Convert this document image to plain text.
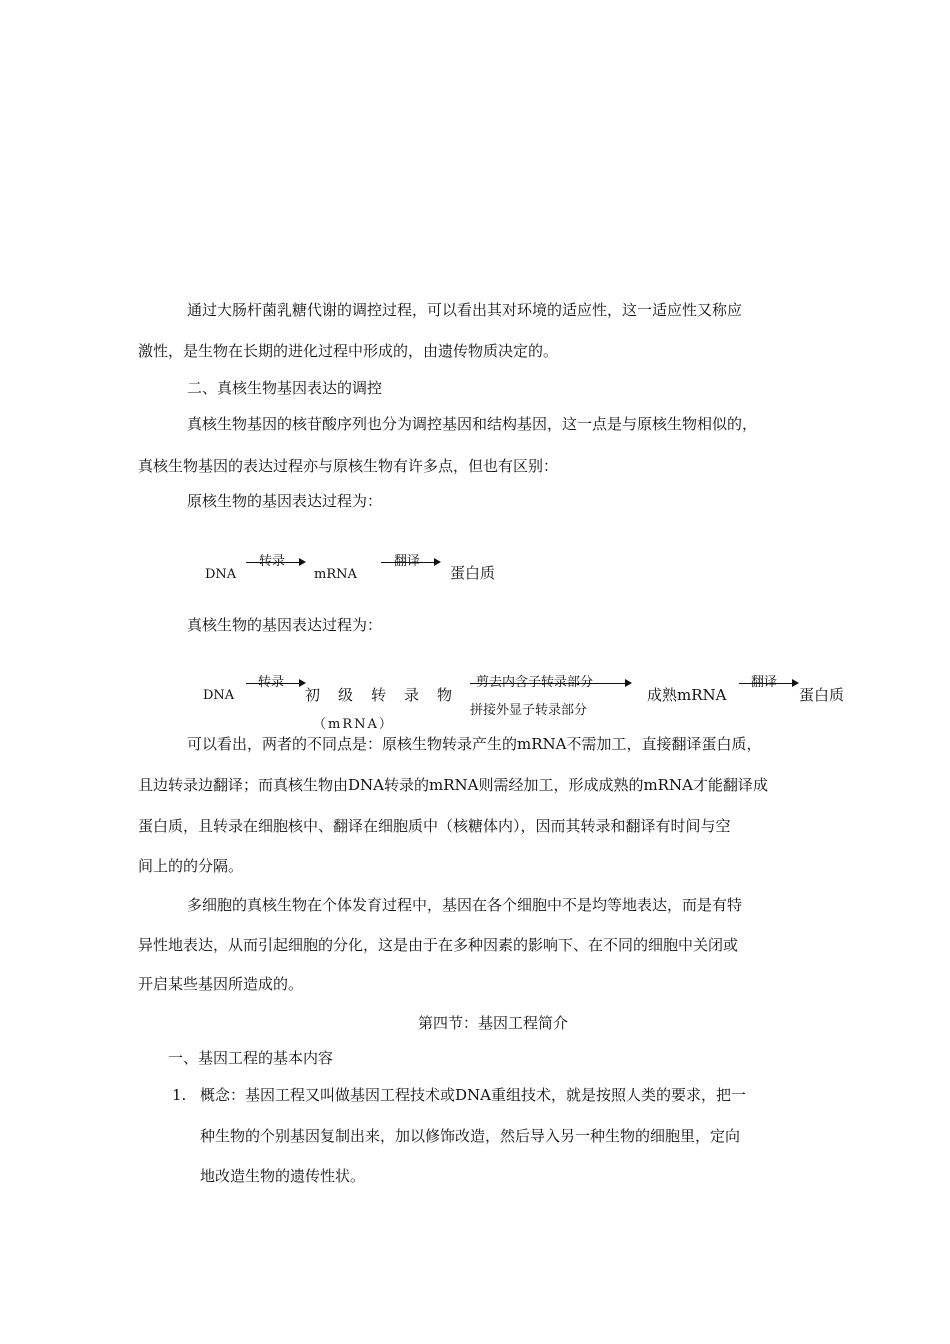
通过大肠杆菌乳糖代谢的调控过程，可以看出其对环境的适应性，这一适应性又称应
激性，是生物在长期的进化过程中形成的，由遗传物质决定的。
二、真核生物基因表达的调控
真核生物基因的核苷酸序列也分为调控基因和结构基因，这一点是与原核生物相似的，
真核生物基因的表达过程亦与原核生物有许多点，但也有区别：
原核生物的基因表达过程为：
DNA
转录
mRNA
翻译
蛋白质
真核生物的基因表达过程为：
DNA
转录
初级转录物
（mRNA）
剪去内含子转录部分
拼接外显子转录部分
成熟mRNA
翻译
蛋白质
可以看出，两者的不同点是：原核生物转录产生的mRNA不需加工，直接翻译蛋白质，
且边转录边翻译；而真核生物由DNA转录的mRNA则需经加工，形成成熟的mRNA才能翻译成
蛋白质，且转录在细胞核中、翻译在细胞质中（核糖体内），因而其转录和翻译有时间与空
间上的的分隔。
多细胞的真核生物在个体发育过程中，基因在各个细胞中不是均等地表达，而是有特
异性地表达，从而引起细胞的分化，这是由于在多种因素的影响下、在不同的细胞中关闭或
开启某些基因所造成的。
第四节：基因工程简介
一、基因工程的基本内容
1. 概念：基因工程又叫做基因工程技术或DNA重组技术，就是按照人类的要求，把一
种生物的个别基因复制出来，加以修饰改造，然后导入另一种生物的细胞里，定向
地改造生物的遗传性状。
